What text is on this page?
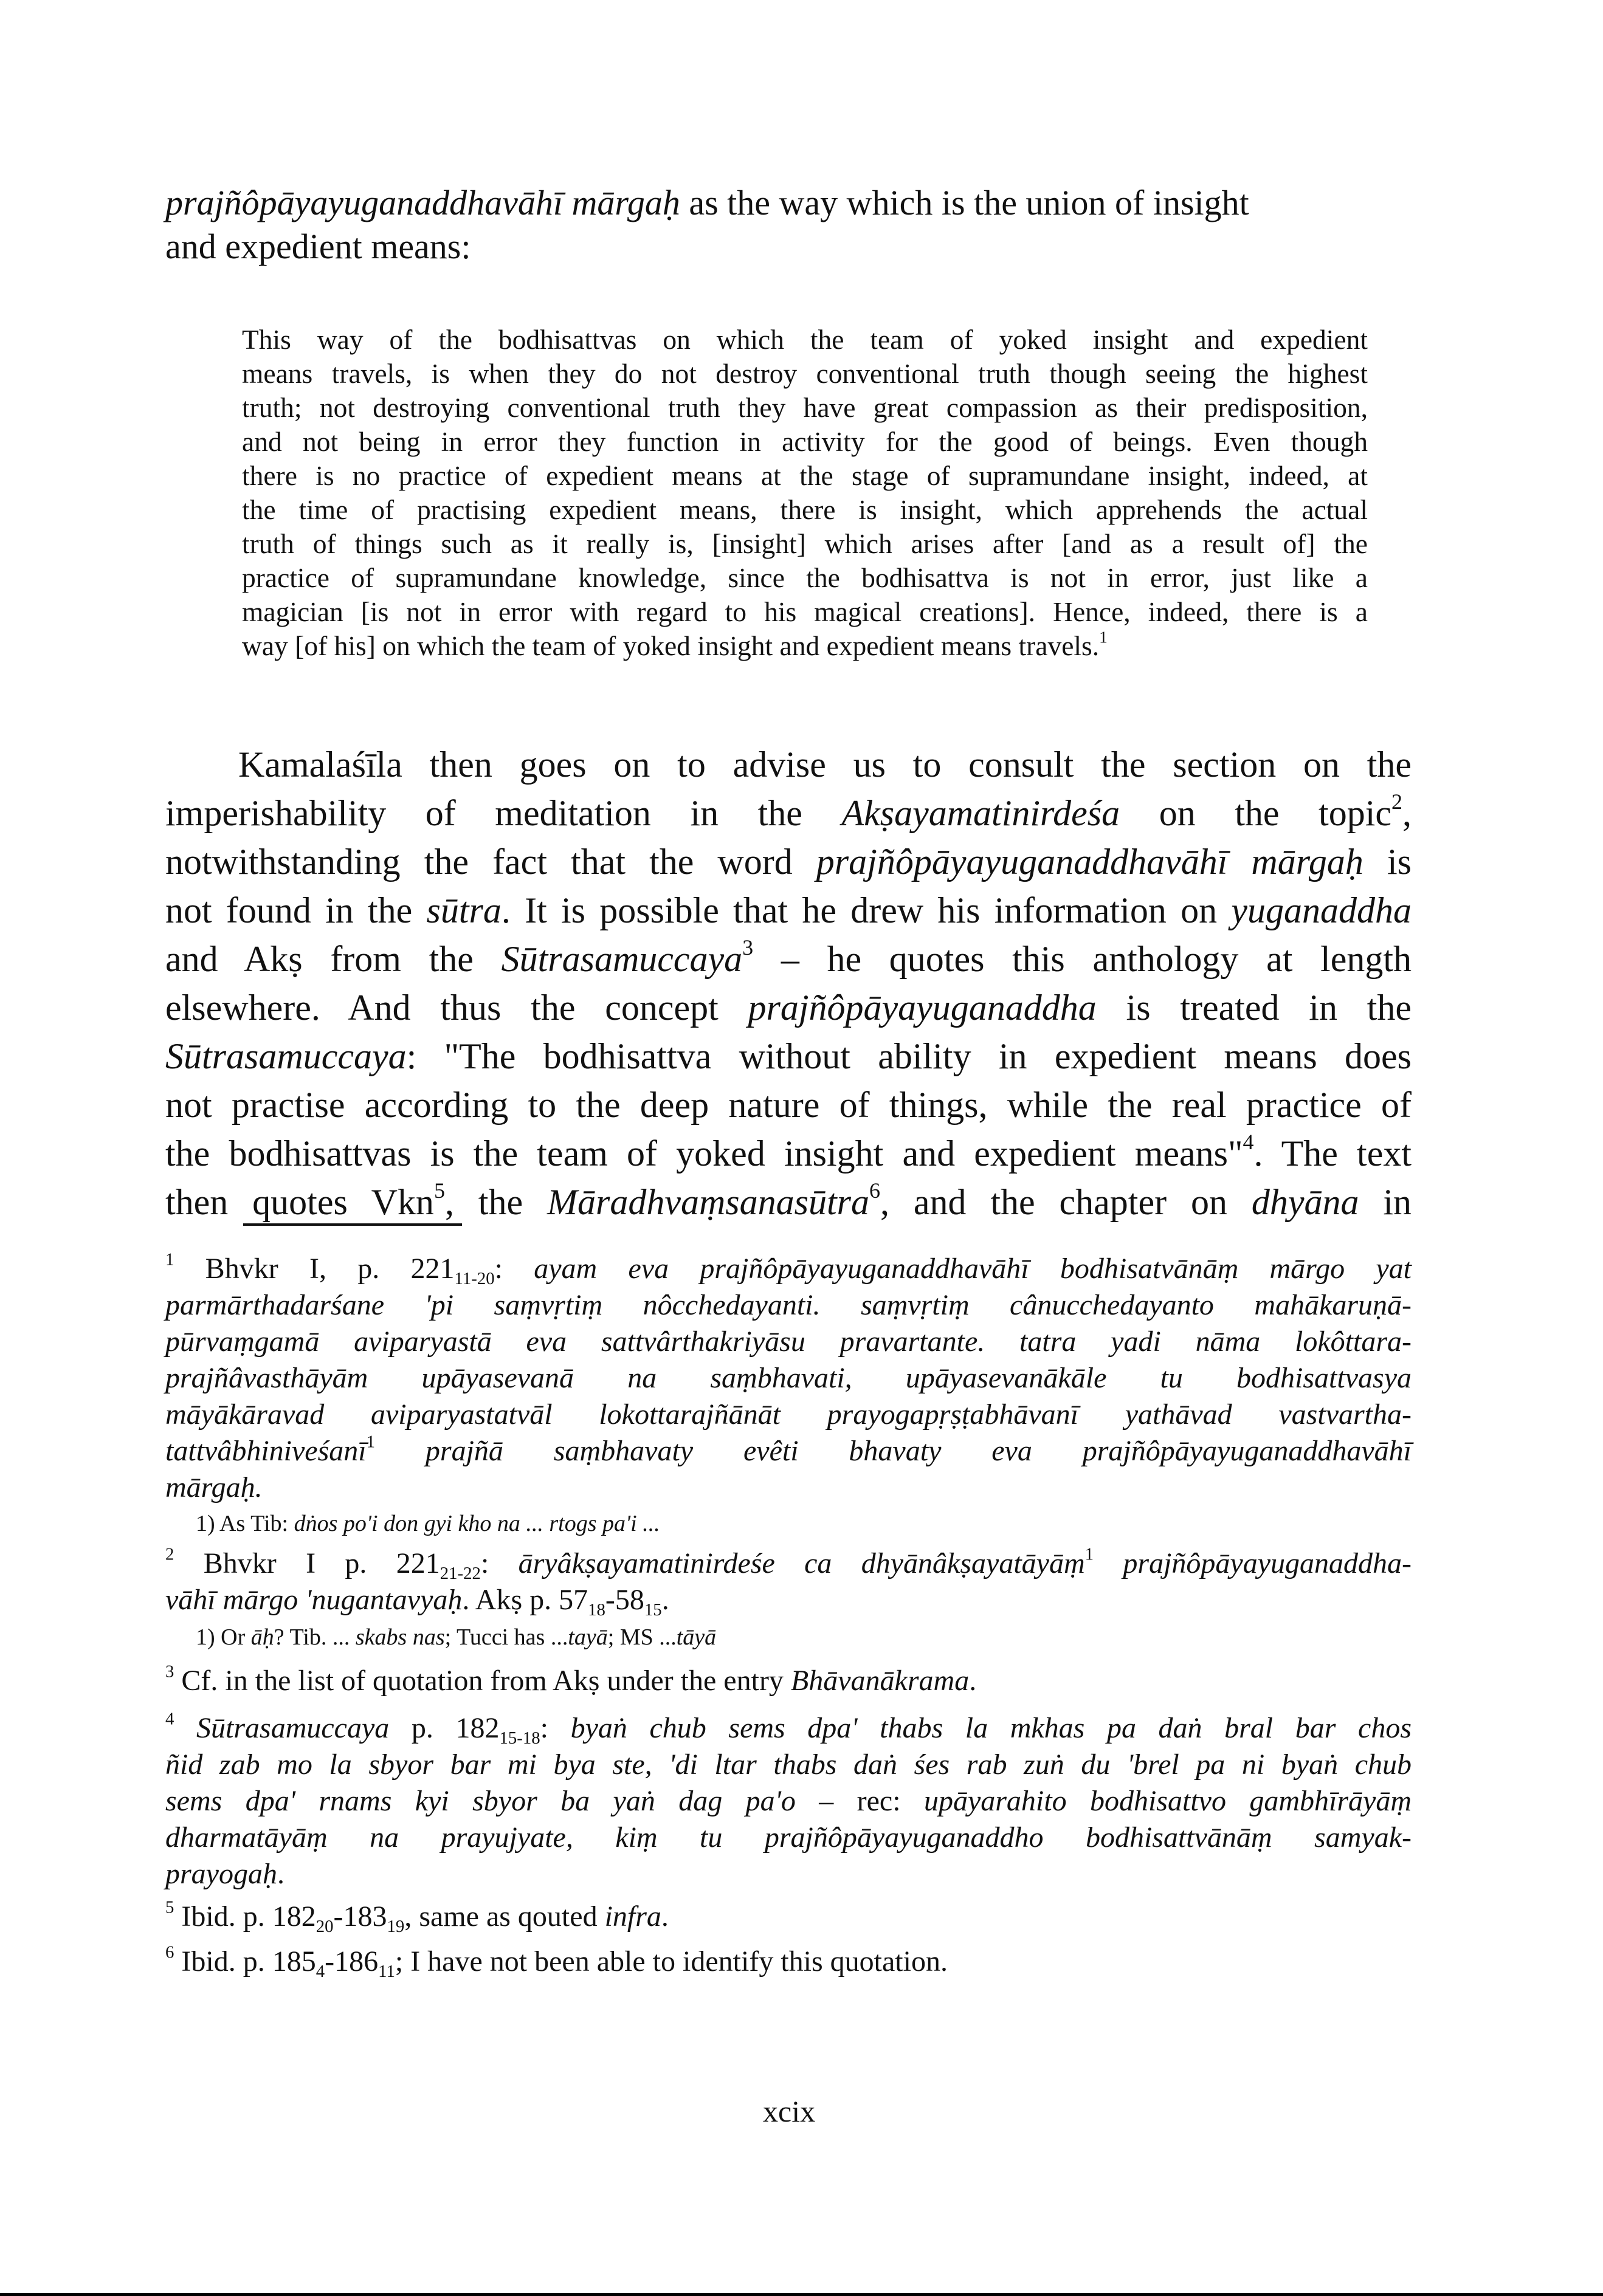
prajñôpāyayuganaddhavāhī mārgaḥ as the way which is the union of insight
and expedient means:
This way of the bodhisattvas on which the team of yoked insight and expedient
means travels, is when they do not destroy conventional truth though seeing the highest
truth; not destroying conventional truth they have great compassion as their predisposition,
and not being in error they function in activity for the good of beings. Even though
there is no practice of expedient means at the stage of supramundane insight, indeed, at
the time of practising expedient means, there is insight, which apprehends the actual
truth of things such as it really is, [insight] which arises after [and as a result of] the
practice of supramundane knowledge, since the bodhisattva is not in error, just like a
magician [is not in error with regard to his magical creations]. Hence, indeed, there is a
way [of his] on which the team of yoked insight and expedient means travels.$^1$
Kamalaśīla then goes on to advise us to consult the section on the
imperishability of meditation in the Akṣayamatinirdeśa on the topic$^2$,
notwithstanding the fact that the word prajñôpāyayuganaddhavāhī mārgaḥ is
not found in the sūtra. It is possible that he drew his information on yuganaddha
and Akṣ from the Sūtrasamuccaya$^3$ – he quotes this anthology at length
elsewhere. And thus the concept prajñôpāyayuganaddha is treated in the
Sūtrasamuccaya: "The bodhisattva without ability in expedient means does
not practise according to the deep nature of things, while the real practice of
the bodhisattvas is the team of yoked insight and expedient means"$^4$. The text
then quotes Vkn$^5$, the Māradhvaṃsanasūtra$^6$, and the chapter on dhyāna in
$^1$ Bhvkr I, p. $221_{11-20}$: ayam eva prajñôpāyayuganaddhavāhī bodhisatvānāṃ mārgo yat
parmārthadarśane 'pi saṃvṛtiṃ nôcchedayanti. saṃvṛtiṃ cânucchedayanto mahākaruṇā-
pūrvaṃgamā aviparyastā eva sattvârthakriyāsu pravartante. tatra yadi nāma lokôttara-
prajñâvasthāyām upāyasevanā na saṃbhavati, upāyasevanākāle tu bodhisattvasya
māyākāravad aviparyastatvāl lokottarajñānāt prayogapṛṣṭabhāvanī yathāvad vastvartha-
tattvâbhiniveśanī$^1$ prajñā saṃbhavaty evêti bhavaty eva prajñôpāyayuganaddhavāhī
mārgaḥ.
1) As Tib: dṅos po'i don gyi kho na ... rtogs pa'i ...
$^2$ Bhvkr I p. $221_{21-22}$: āryâkṣayamatinirdeśe ca dhyānâkṣayatāyāṃ$^1$ prajñôpāyayuganaddha-
vāhī mārgo 'nugantavyaḥ. Akṣ p. $57_{18}-58_{15}$.
1) Or āḥ? Tib. ... skabs nas; Tucci has ...tayā; MS ...tāyā
$^3$ Cf. in the list of quotation from Akṣ under the entry Bhāvanākrama.
$^4$ Sūtrasamuccaya p. $182_{15-18}$: byaṅ chub sems dpa' thabs la mkhas pa daṅ bral bar chos
ñid zab mo la sbyor bar mi bya ste, 'di ltar thabs daṅ śes rab zuṅ du 'brel pa ni byaṅ chub
sems dpa' rnams kyi sbyor ba yaṅ dag pa'o – rec: upāyarahito bodhisattvo gambhīrāyāṃ
dharmatāyāṃ na prayujyate, kiṃ tu prajñôpāyayuganaddho bodhisattvānāṃ samyak-
prayogaḥ.
$^5$ Ibid. p. $182_{20}-183_{19}$, same as qouted infra.
$^6$ Ibid. p. $185_4-186_{11}$; I have not been able to identify this quotation.
xcix
